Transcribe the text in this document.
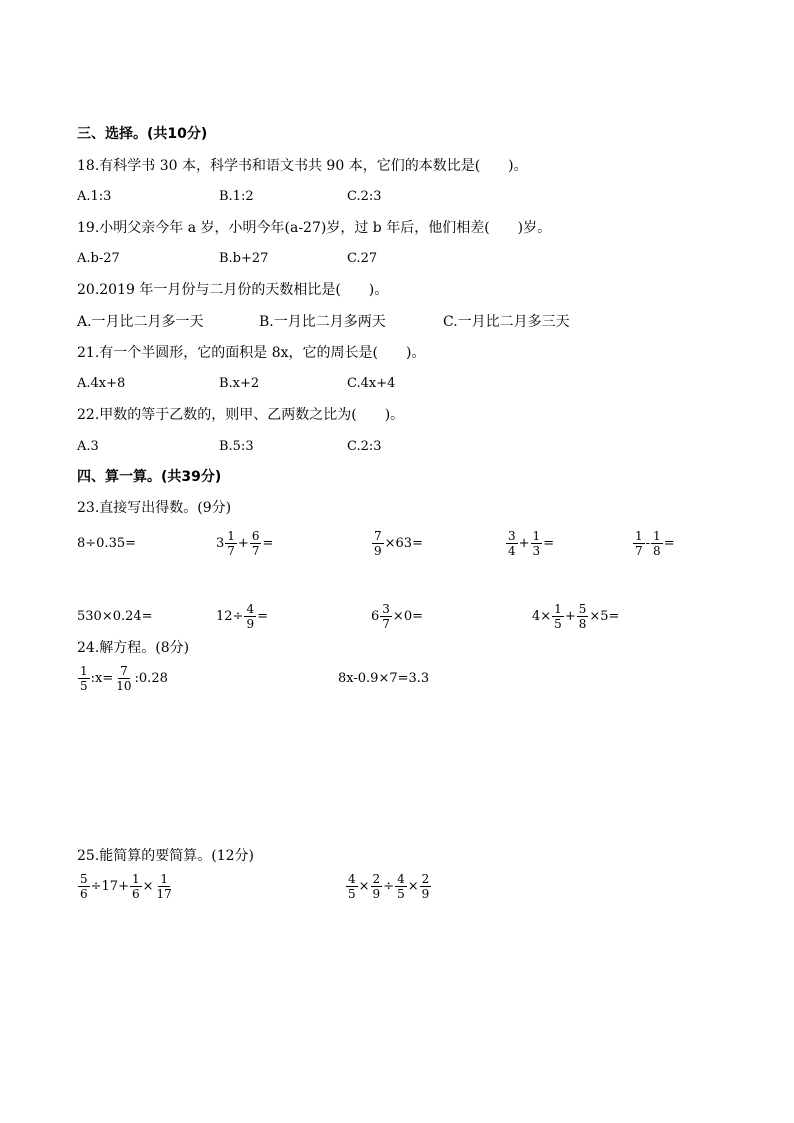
三、选择。(共10分)
18.有科学书 30 本，科学书和语文书共 90 本，它们的本数比是(　　)。
A.1:3	B.1:2	C.2:3
19.小明父亲今年 a 岁，小明今年(a-27)岁，过 b 年后，他们相差(　　)岁。
A.b-27	B.b+27	C.27
20.2019 年一月份与二月份的天数相比是(　　)。
A.一月比二月多一天	B.一月比二月多两天	C.一月比二月多三天
21.有一个半圆形，它的面积是 8x，它的周长是(　　)。
A.4x+8	B.x+2	C.4x+4
22.甲数的等于乙数的，则甲、乙两数之比为(　　)。
A.3	B.5:3	C.2:3
四、算一算。(共39分)
23.直接写出得数。(9分)
8÷0.35=	$3 \frac{1}{7} + \frac{6}{7}$ =	$\frac{7}{9} \times 63=$	$\frac{3}{4} + \frac{1}{3}$ =	$\frac{1}{7} - \frac{1}{8}$ =
530×0.24=	$12\div \frac{4}{9}$ =	$6 \frac{3}{7} \times 0=$	$4\times \frac{1}{5} + \frac{5}{8} \times 5=$
24.解方程。(8分)
$\frac{1}{5}$ :x= $\frac{7}{10}$ :0.28	8x-0.9×7=3.3
25.能简算的要简算。(12分)
$\frac{5}{6} \div 17+ \frac{1}{6} \times \frac{1}{17}$	$\frac{4}{5} \times \frac{2}{9} \div \frac{4}{5} \times \frac{2}{9}$
